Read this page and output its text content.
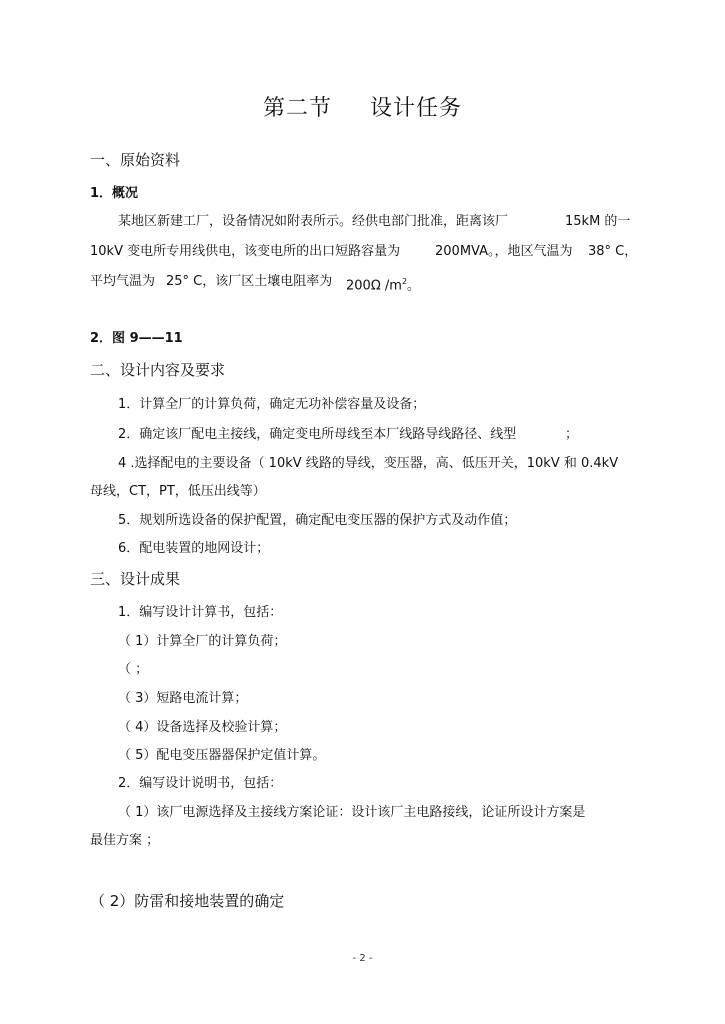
第二节 设计任务
一、原始资料
1．概况
某地区新建工厂，设备情况如附表所示。经供电部门批准，距离该厂	15kM 的一
10kV 变电所专用线供电，该变电所的出口短路容量为	200MVA。，地区气温为 38° C，
平均气温为 25° C，该厂区土壤电阻率为 200Ω $/m^2$。
2．图 9——11
二、设计内容及要求
1．计算全厂的计算负荷，确定无功补偿容量及设备；
2．确定该厂配电主接线，确定变电所母线至本厂线路导线路径、线型	；
4 .选择配电的主要设备（ 10kV 线路的导线，变压器，高、低压开关，10kV 和 0.4kV
母线，CT，PT，低压出线等）
5．规划所选设备的保护配置，确定配电变压器的保护方式及动作值；
6．配电装置的地网设计；
三、设计成果
1．编写设计计算书，包括：
（ 1）计算全厂的计算负荷；
（ ；
（ 3）短路电流计算；
（ 4）设备选择及校验计算；
（ 5）配电变压器器保护定值计算。
2．编写设计说明书，包括：
（ 1）该厂电源选择及主接线方案论证：设计该厂主电路接线，论证所设计方案是
最佳方案 ；
（ 2）防雷和接地装置的确定
- 2 -
